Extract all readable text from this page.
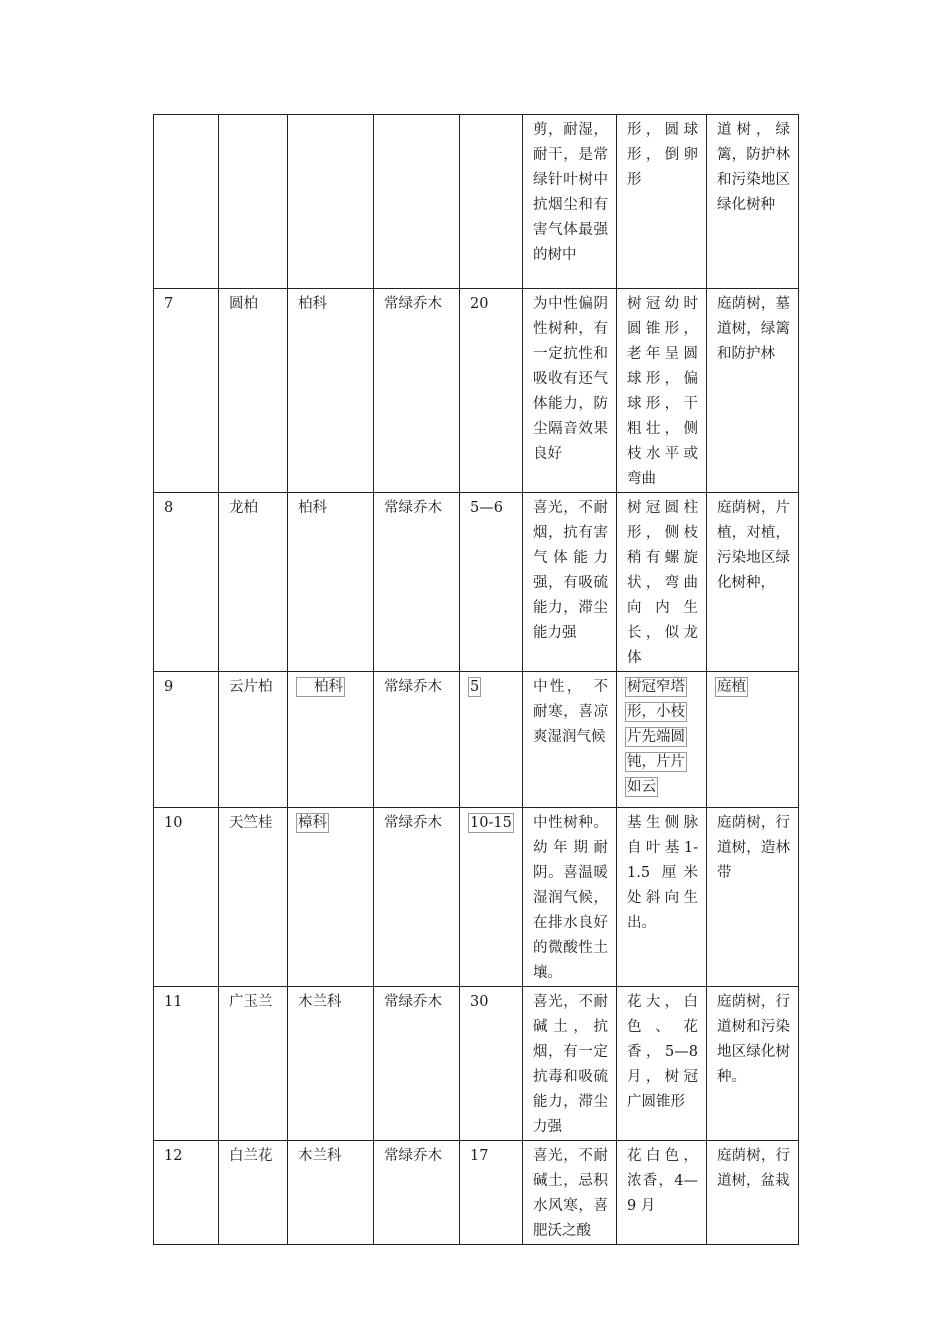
					剪，耐湿，耐干，是常绿针叶树中抗烟尘和有害气体最强的树中	形，圆球形，倒卵形	道树，绿篱，防护林和污染地区绿化树种
7	圆柏	柏科	常绿乔木	20	为中性偏阴性树种，有一定抗性和吸收有还气体能力，防尘隔音效果良好	树冠幼时圆锥形，老年呈圆球形，偏球形，干粗壮，侧枝水平或弯曲	庭荫树，墓道树，绿篱和防护林
8	龙柏	柏科	常绿乔木	5—6	喜光，不耐烟，抗有害气体能力强，有吸硫能力，滞尘能力强	树冠圆柱形，侧枝稍有螺旋状，弯曲向内生长，似龙体	庭荫树，片植，对植，污染地区绿化树种，
9	云片柏	柏科	常绿乔木	5	中性，　不耐寒，喜凉爽湿润气候	树冠窄塔形，小枝片先端圆钝，片片如云	庭植
10	天竺桂	樟科	常绿乔木	10-15	中性树种。幼年期耐阴。喜温暖湿润气候，在排水良好的微酸性土壤。	基生侧脉自叶基1-1.5 厘米处斜向生出。	庭荫树，行道树，造林带
11	广玉兰	木兰科	常绿乔木	30	喜光，不耐碱土，抗烟，有一定抗毒和吸硫能力，滞尘力强	花大，白色、花香，5—8 月，树冠广圆锥形	庭荫树，行道树和污染地区绿化树种。
12	白兰花	木兰科	常绿乔木	17	喜光，不耐碱土，忌积水风寒，喜肥沃之酸	花白色，浓香，4—9 月	庭荫树，行道树，盆栽
